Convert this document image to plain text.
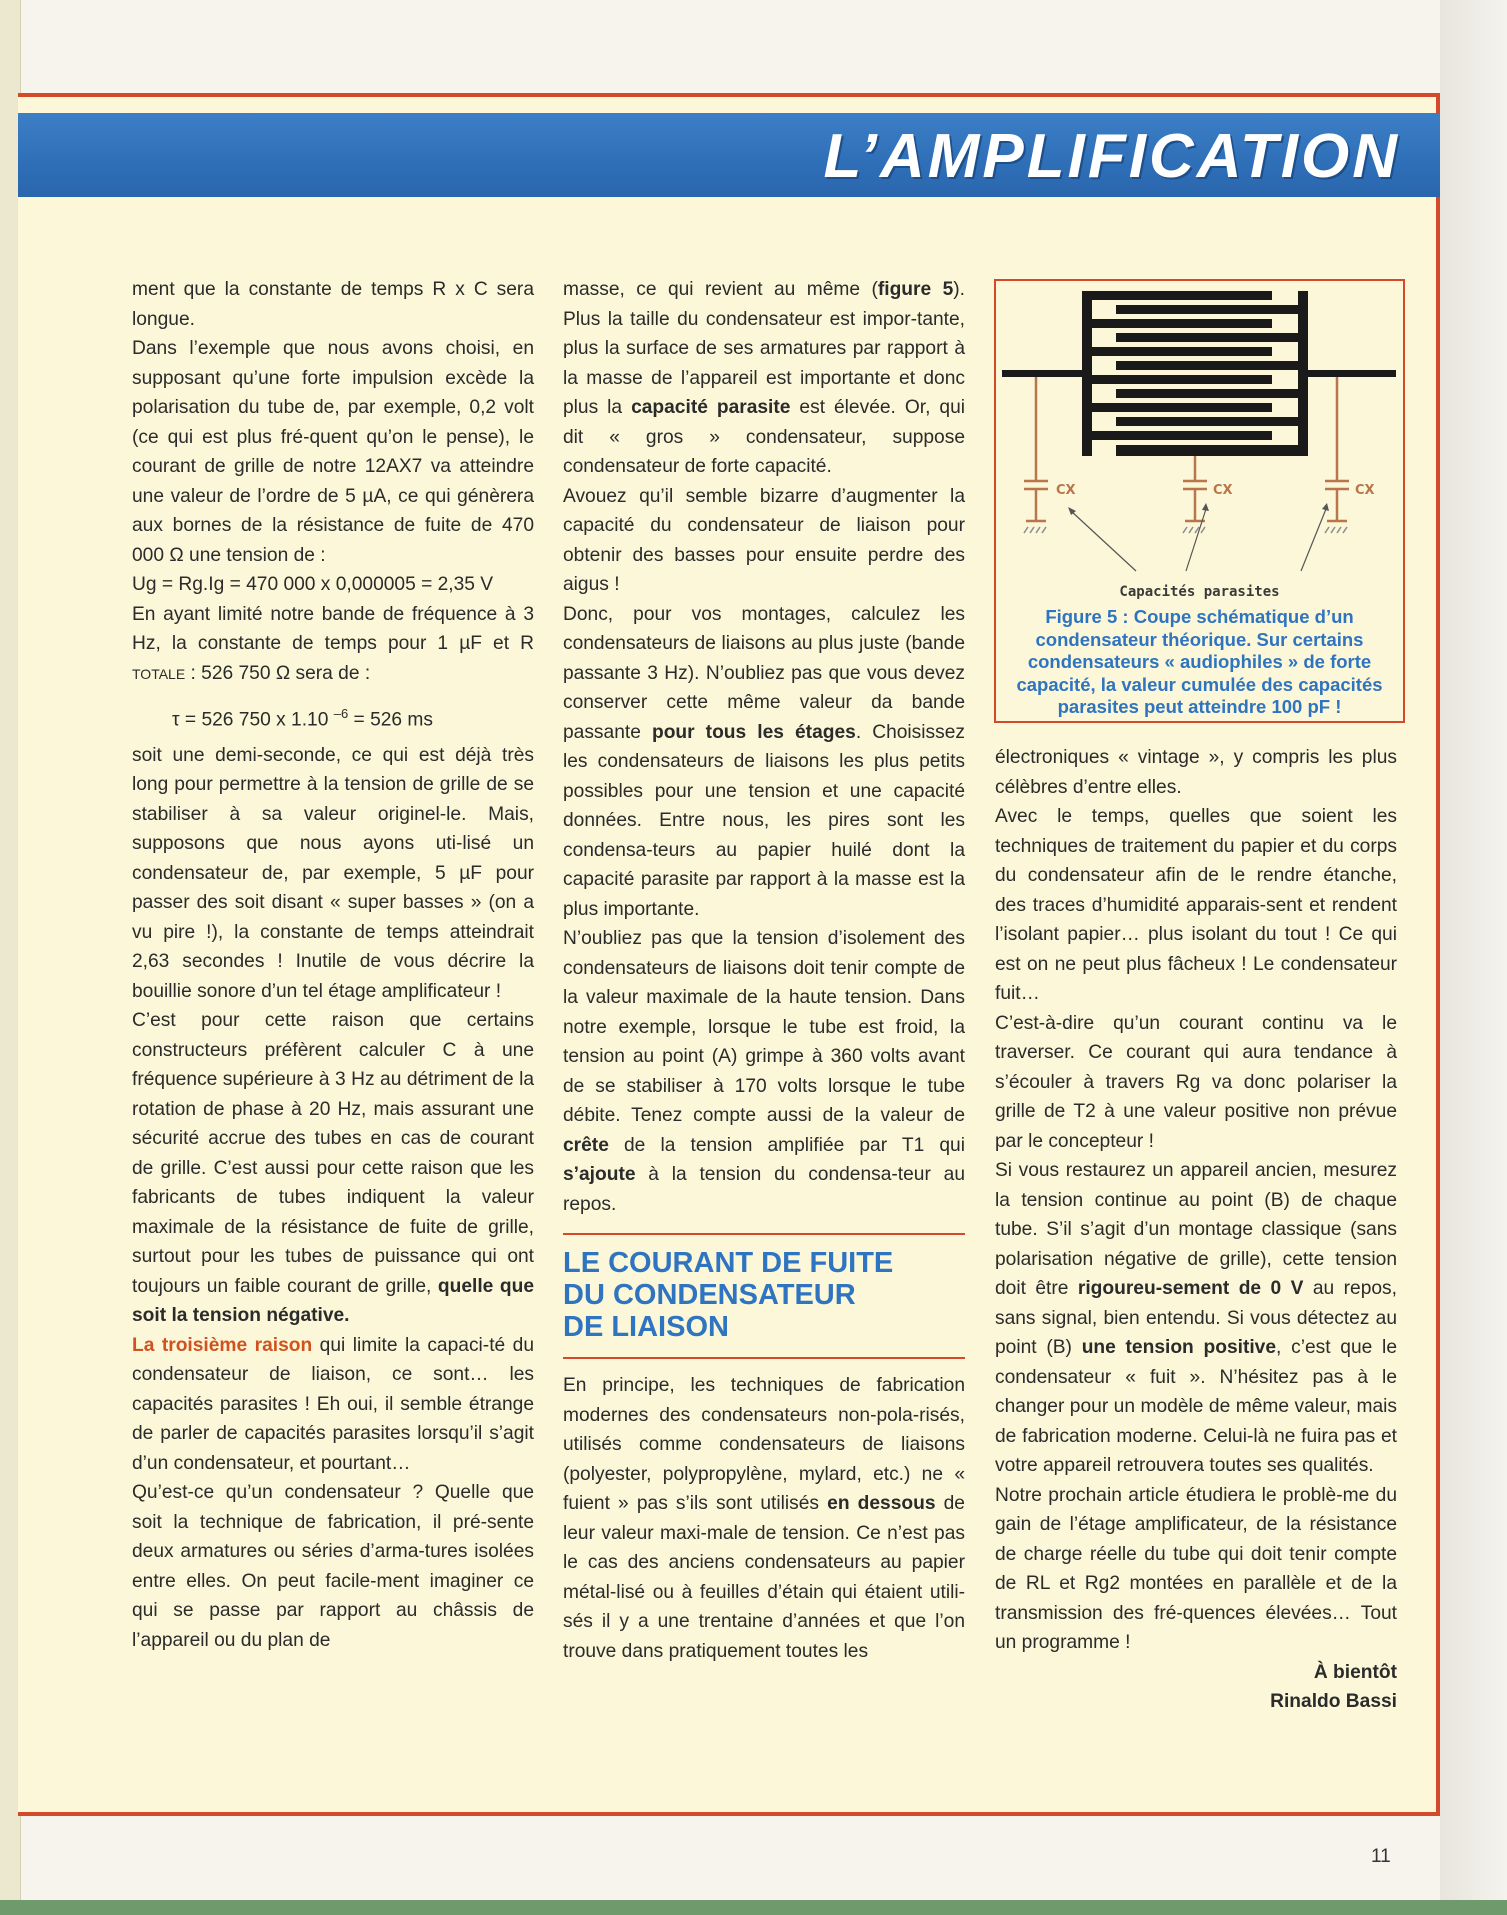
L’AMPLIFICATION

ment que la constante de temps R x C sera longue.

Dans l’exemple que nous avons choisi, en supposant qu’une forte impulsion excède la polarisation du tube de, par exemple, 0,2 volt (ce qui est plus fré-quent qu’on le pense), le courant de grille de notre 12AX7 va atteindre une valeur de l’ordre de 5 µA, ce qui génèrera aux bornes de la résistance de fuite de 470 000 Ω une tension de :

Ug = Rg.Ig = 470 000 x 0,000005 = 2,35 V

En ayant limité notre bande de fréquence à 3 Hz, la constante de temps pour 1 µF et R TOTALE : 526 750 Ω sera de :

τ = 526 750 x 1.10 $^{-6}$ = 526 ms

soit une demi-seconde, ce qui est déjà très long pour permettre à la tension de grille de se stabiliser à sa valeur originel-le. Mais, supposons que nous ayons uti-lisé un condensateur de, par exemple, 5 µF pour passer des soit disant « super basses » (on a vu pire !), la constante de temps atteindrait 2,63 secondes ! Inutile de vous décrire la bouillie sonore d’un tel étage amplificateur !

C’est pour cette raison que certains constructeurs préfèrent calculer C à une fréquence supérieure à 3 Hz au détriment de la rotation de phase à 20 Hz, mais assurant une sécurité accrue des tubes en cas de courant de grille. C’est aussi pour cette raison que les fabricants de tubes indiquent la valeur maximale de la résistance de fuite de grille, surtout pour les tubes de puissance qui ont toujours un faible courant de grille, quelle que soit la tension négative.

La troisième raison qui limite la capaci-té du condensateur de liaison, ce sont… les capacités parasites ! Eh oui, il semble étrange de parler de capacités parasites lorsqu’il s’agit d’un condensateur, et pourtant…

Qu’est-ce qu’un condensateur ? Quelle que soit la technique de fabrication, il pré-sente deux armatures ou séries d’arma-tures isolées entre elles. On peut facile-ment imaginer ce qui se passe par rapport au châssis de l’appareil ou du plan de

masse, ce qui revient au même (figure 5). Plus la taille du condensateur est impor-tante, plus la surface de ses armatures par rapport à la masse de l’appareil est importante et donc plus la capacité parasite est élevée. Or, qui dit « gros » condensateur, suppose condensateur de forte capacité.

Avouez qu’il semble bizarre d’augmenter la capacité du condensateur de liaison pour obtenir des basses pour ensuite perdre des aigus !

Donc, pour vos montages, calculez les condensateurs de liaisons au plus juste (bande passante 3 Hz). N’oubliez pas que vous devez conserver cette même valeur da bande passante pour tous les étages. Choisissez les condensateurs de liaisons les plus petits possibles pour une tension et une capacité données. Entre nous, les pires sont les condensa-teurs au papier huilé dont la capacité parasite par rapport à la masse est la plus importante.

N’oubliez pas que la tension d’isolement des condensateurs de liaisons doit tenir compte de la valeur maximale de la haute tension. Dans notre exemple, lorsque le tube est froid, la tension au point (A) grimpe à 360 volts avant de se stabiliser à 170 volts lorsque le tube débite. Tenez compte aussi de la valeur de crête de la tension amplifiée par T1 qui s’ajoute à la tension du condensa-teur au repos.

LE COURANT DE FUITE
DU CONDENSATEUR
DE LIAISON

En principe, les techniques de fabrication modernes des condensateurs non-pola-risés, utilisés comme condensateurs de liaisons (polyester, polypropylène, mylard, etc.) ne « fuient » pas s’ils sont utilisés en dessous de leur valeur maxi-male de tension. Ce n’est pas le cas des anciens condensateurs au papier métal-lisé ou à feuilles d’étain qui étaient utili-sés il y a une trentaine d’années et que l’on trouve dans pratiquement toutes les

CX	CX	CX
Capacités parasites
Figure 5 : Coupe schématique d’un condensateur théorique. Sur certains condensateurs « audiophiles » de forte capacité, la valeur cumulée des capacités parasites peut atteindre 100 pF !

électroniques « vintage », y compris les plus célèbres d’entre elles.

Avec le temps, quelles que soient les techniques de traitement du papier et du corps du condensateur afin de le rendre étanche, des traces d’humidité apparais-sent et rendent l’isolant papier… plus isolant du tout ! Ce qui est on ne peut plus fâcheux ! Le condensateur fuit…

C’est-à-dire qu’un courant continu va le traverser. Ce courant qui aura tendance à s’écouler à travers Rg va donc polariser la grille de T2 à une valeur positive non prévue par le concepteur !

Si vous restaurez un appareil ancien, mesurez la tension continue au point (B) de chaque tube. S’il s’agit d’un montage classique (sans polarisation négative de grille), cette tension doit être rigoureu-sement de 0 V au repos, sans signal, bien entendu. Si vous détectez au point (B) une tension positive, c’est que le condensateur « fuit ». N’hésitez pas à le changer pour un modèle de même valeur, mais de fabrication moderne. Celui-là ne fuira pas et votre appareil retrouvera toutes ses qualités.

Notre prochain article étudiera le problè-me du gain de l’étage amplificateur, de la résistance de charge réelle du tube qui doit tenir compte de RL et Rg2 montées en parallèle et de la transmission des fré-quences élevées… Tout un programme !

À bientôt

Rinaldo Bassi

11
